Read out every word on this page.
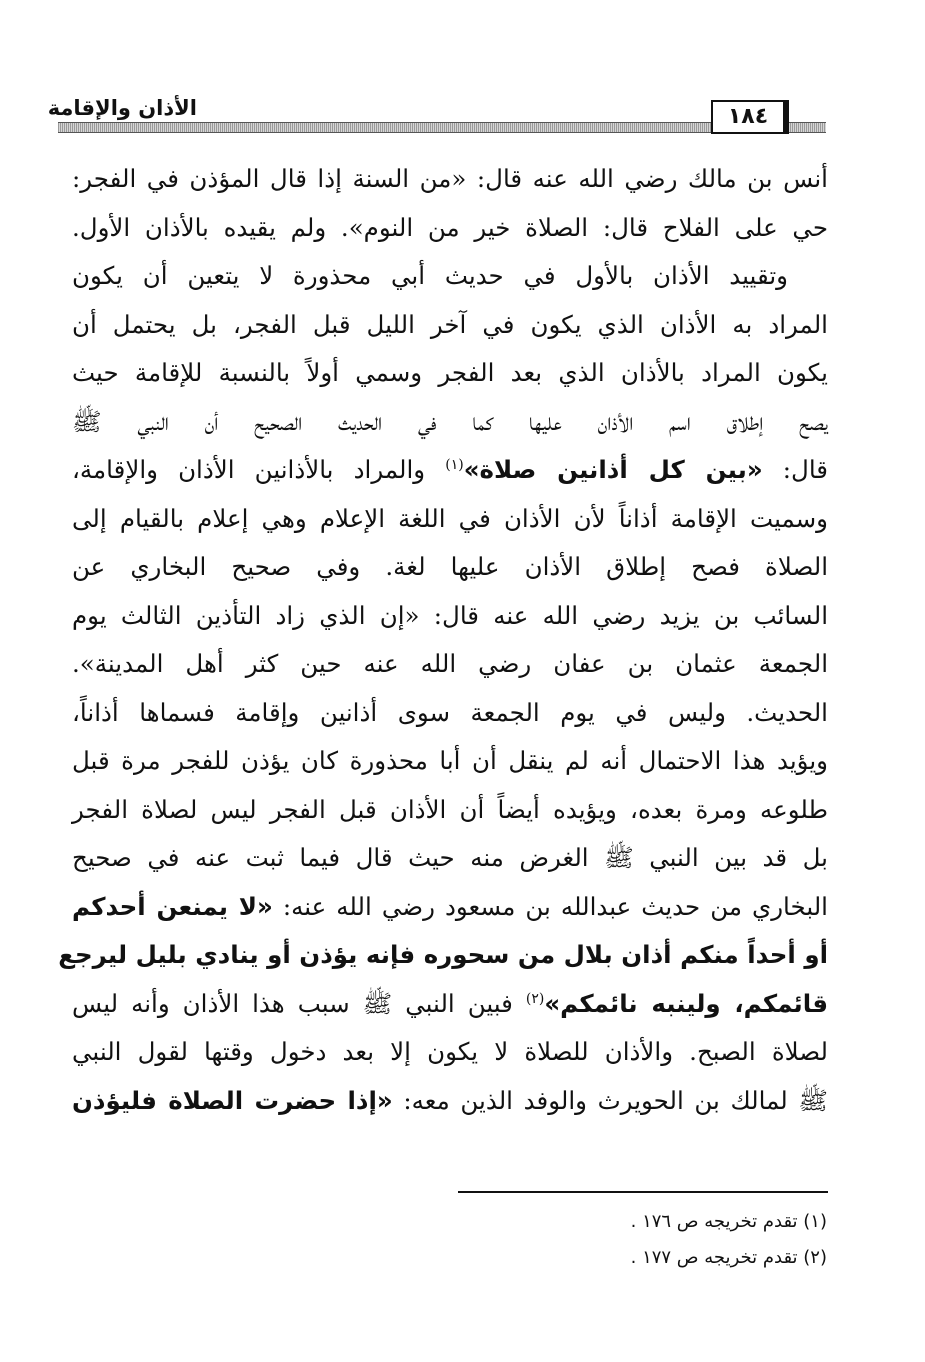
الأذان والإقامة	١٨٤
أنس بن مالك رضي الله عنه قال: «من السنة إذا قال المؤذن في الفجر:
حي على الفلاح قال: الصلاة خير من النوم». ولم يقيده بالأذان الأول.
وتقييد الأذان بالأول في حديث أبي محذورة لا يتعين أن يكون
المراد به الأذان الذي يكون في آخر الليل قبل الفجر، بل يحتمل أن
يكون المراد بالأذان الذي بعد الفجر وسمي أولاً بالنسبة للإقامة حيث
يصح إطلاق اسم الأذان عليها كما في الحديث الصحيح أن النبي ﷺ
قال: «بين كل أذانين صلاة»$^{(١)}$ والمراد بالأذانين الأذان والإقامة،
وسميت الإقامة أذاناً لأن الأذان في اللغة الإعلام وهي إعلام بالقيام إلى
الصلاة فصح إطلاق الأذان عليها لغة. وفي صحيح البخاري عن
السائب بن يزيد رضي الله عنه قال: «إن الذي زاد التأذين الثالث يوم
الجمعة عثمان بن عفان رضي الله عنه حين كثر أهل المدينة».
الحديث. وليس في يوم الجمعة سوى أذانين وإقامة فسماها أذاناً،
ويؤيد هذا الاحتمال أنه لم ينقل أن أبا محذورة كان يؤذن للفجر مرة قبل
طلوعه ومرة بعده، ويؤيده أيضاً أن الأذان قبل الفجر ليس لصلاة الفجر
بل قد بين النبي ﷺ الغرض منه حيث قال فيما ثبت عنه في صحيح
البخاري من حديث عبدالله بن مسعود رضي الله عنه: «لا يمنعن أحدكم
أو أحداً منكم أذان بلال من سحوره فإنه يؤذن أو ينادي بليل ليرجع
قائمكم، ولينبه نائمكم»$^{(٢)}$ فبين النبي ﷺ سبب هذا الأذان وأنه ليس
لصلاة الصبح. والأذان للصلاة لا يكون إلا بعد دخول وقتها لقول النبي
ﷺ لمالك بن الحويرث والوفد الذين معه: «إذا حضرت الصلاة فليؤذن
(١) تقدم تخريجه ص ١٧٦ .
(٢) تقدم تخريجه ص ١٧٧ .
